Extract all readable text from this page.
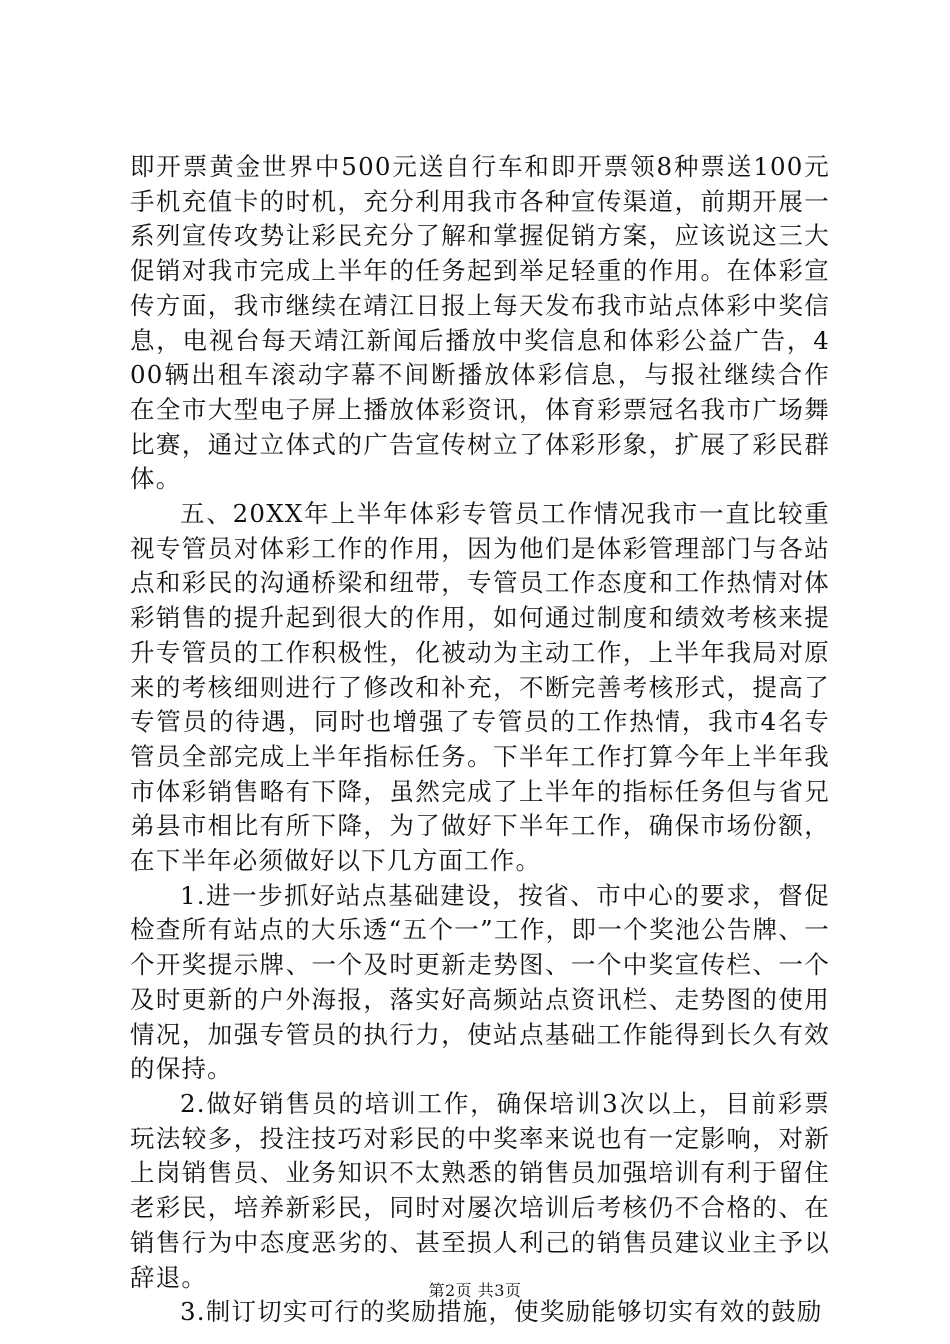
即开票黄金世界中500元送自行车和即开票领8种票送100元手机充值卡的时机，充分利用我市各种宣传渠道，前期开展一系列宣传攻势让彩民充分了解和掌握促销方案，应该说这三大促销对我市完成上半年的任务起到举足轻重的作用。在体彩宣传方面，我市继续在靖江日报上每天发布我市站点体彩中奖信息，电视台每天靖江新闻后播放中奖信息和体彩公益广告，400辆出租车滚动字幕不间断播放体彩信息，与报社继续合作在全市大型电子屏上播放体彩资讯，体育彩票冠名我市广场舞比赛，通过立体式的广告宣传树立了体彩形象，扩展了彩民群体。

五、20XX年上半年体彩专管员工作情况我市一直比较重视专管员对体彩工作的作用，因为他们是体彩管理部门与各站点和彩民的沟通桥梁和纽带，专管员工作态度和工作热情对体彩销售的提升起到很大的作用，如何通过制度和绩效考核来提升专管员的工作积极性，化被动为主动工作，上半年我局对原来的考核细则进行了修改和补充，不断完善考核形式，提高了专管员的待遇，同时也增强了专管员的工作热情，我市4名专管员全部完成上半年指标任务。下半年工作打算今年上半年我市体彩销售略有下降，虽然完成了上半年的指标任务但与省兄弟县市相比有所下降，为了做好下半年工作，确保市场份额，在下半年必须做好以下几方面工作。

1.进一步抓好站点基础建设，按省、市中心的要求，督促检查所有站点的大乐透“五个一”工作，即一个奖池公告牌、一个开奖提示牌、一个及时更新走势图、一个中奖宣传栏、一个及时更新的户外海报，落实好高频站点资讯栏、走势图的使用情况，加强专管员的执行力，使站点基础工作能得到长久有效的保持。

2.做好销售员的培训工作，确保培训3次以上，目前彩票玩法较多，投注技巧对彩民的中奖率来说也有一定影响，对新上岗销售员、业务知识不太熟悉的销售员加强培训有利于留住老彩民，培养新彩民，同时对屡次培训后考核仍不合格的、在销售行为中态度恶劣的、甚至损人利己的销售员建议业主予以辞退。

3.制订切实可行的奖励措施，使奖励能够切实有效的鼓励

第2页 共3页
